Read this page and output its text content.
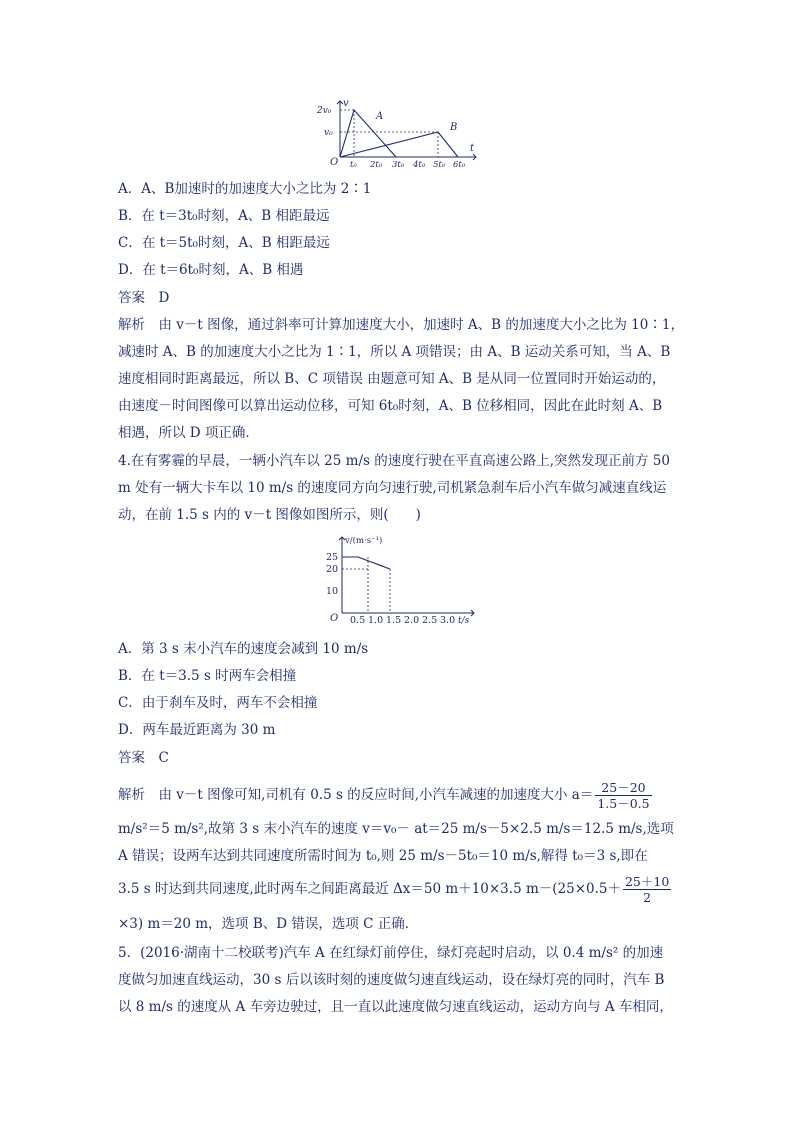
v
t
O
2v₀
v₀
t₀ 2t₀ 3t₀ 4t₀ 5t₀ 6t₀
A
B
A．A、B加速时的加速度大小之比为 2∶1
B．在 t＝3t₀时刻，A、B 相距最远
C．在 t＝5t₀时刻，A、B 相距最远
D．在 t＝6t₀时刻，A、B 相遇
答案　D
解析　由 v－t 图像，通过斜率可计算加速度大小，加速时 A、B 的加速度大小之比为 10∶1，
减速时 A、B 的加速度大小之比为 1∶1，所以 A 项错误；由 A、B 运动关系可知，当 A、B
速度相同时距离最远，所以 B、C 项错误 由题意可知 A、B 是从同一位置同时开始运动的，
由速度－时间图像可以算出运动位移，可知 6t₀时刻，A、B 位移相同，因此在此时刻 A、B
相遇，所以 D 项正确．
4.在有雾霾的早晨，一辆小汽车以 25 m/s 的速度行驶在平直高速公路上,突然发现正前方 50
m 处有一辆大卡车以 10 m/s 的速度同方向匀速行驶,司机紧急刹车后小汽车做匀减速直线运
动，在前 1.5 s 内的 v－t 图像如图所示，则(　　)
v/(m·s⁻¹)
t/s
O
25
20
10
0.5 1.0 1.5 2.0 2.5 3.0
A．第 3 s 末小汽车的速度会减到 10 m/s
B．在 t＝3.5 s 时两车会相撞
C．由于刹车及时，两车不会相撞
D．两车最近距离为 30 m
答案　C
解析　由 v－t 图像可知,司机有 0.5 s 的反应时间,小汽车减速的加速度大小 $a= \frac{25-20}{1.5-0.5}$
m/s²＝5 m/s²,故第 3 s 末小汽车的速度 v＝v₀－ at＝25 m/s－5×2.5 m/s＝12.5 m/s,选项
A 错误；设两车达到共同速度所需时间为 t₀,则 25 m/s－5t₀＝10 m/s,解得 t₀＝3 s,即在
3.5 s 时达到共同速度,此时两车之间距离最近 Δx＝50 m＋10×3.5 $m-(25\times 0.5+ \frac{25+10}{2}$
×3) m＝20 m，选项 B、D 错误，选项 C 正确．
5．(2016·湖南十二校联考)汽车 A 在红绿灯前停住，绿灯亮起时启动，以 0.4 m/s² 的加速
度做匀加速直线运动，30 s 后以该时刻的速度做匀速直线运动，设在绿灯亮的同时，汽车 B
以 8 m/s 的速度从 A 车旁边驶过，且一直以此速度做匀速直线运动，运动方向与 A 车相同，
